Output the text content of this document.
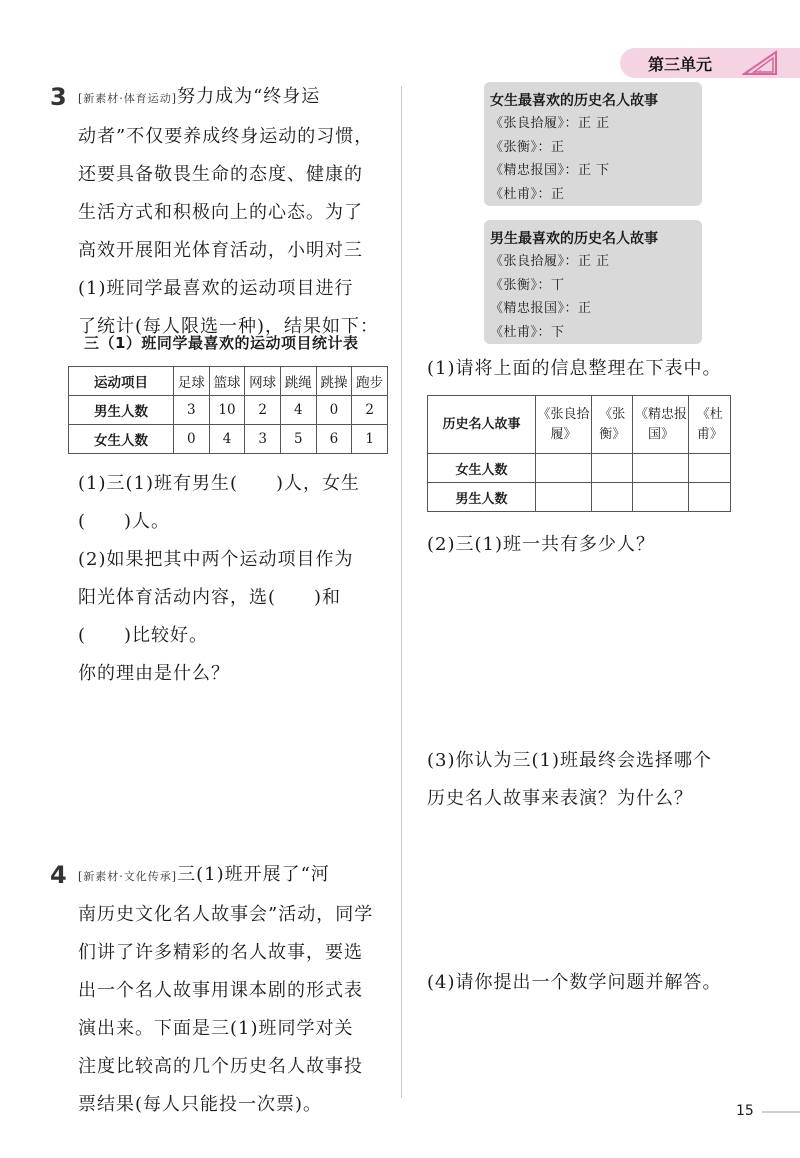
第三单元
3 [新素材·体育运动]努力成为“终身运
动者”不仅要养成终身运动的习惯，
还要具备敬畏生命的态度、健康的
生活方式和积极向上的心态。为了
高效开展阳光体育活动，小明对三
(1)班同学最喜欢的运动项目进行
了统计(每人限选一种)，结果如下：
三（1）班同学最喜欢的运动项目统计表
运动项目	足球	篮球	网球	跳绳	跳操	跑步
男生人数	3	10	2	4	0	2
女生人数	0	4	3	5	6	1
(1)三(1)班有男生(　　)人，女生
(　　)人。
(2)如果把其中两个运动项目作为
阳光体育活动内容，选(　　)和
(　　)比较好。
你的理由是什么？
4 [新素材·文化传承]三(1)班开展了“河
南历史文化名人故事会”活动，同学
们讲了许多精彩的名人故事，要选
出一个名人故事用课本剧的形式表
演出来。下面是三(1)班同学对关
注度比较高的几个历史名人故事投
票结果(每人只能投一次票)。
女生最喜欢的历史名人故事
《张良拾履》：正 正
《张衡》：正
《精忠报国》：正 下
《杜甫》：正
男生最喜欢的历史名人故事
《张良拾履》：正 正
《张衡》：丅
《精忠报国》：正
《杜甫》：下
(1)请将上面的信息整理在下表中。
历史名人故事	《张良拾履》	《张衡》	《精忠报国》	《杜甫》
女生人数				
男生人数				
(2)三(1)班一共有多少人？
(3)你认为三(1)班最终会选择哪个
历史名人故事来表演？为什么？
(4)请你提出一个数学问题并解答。
15
